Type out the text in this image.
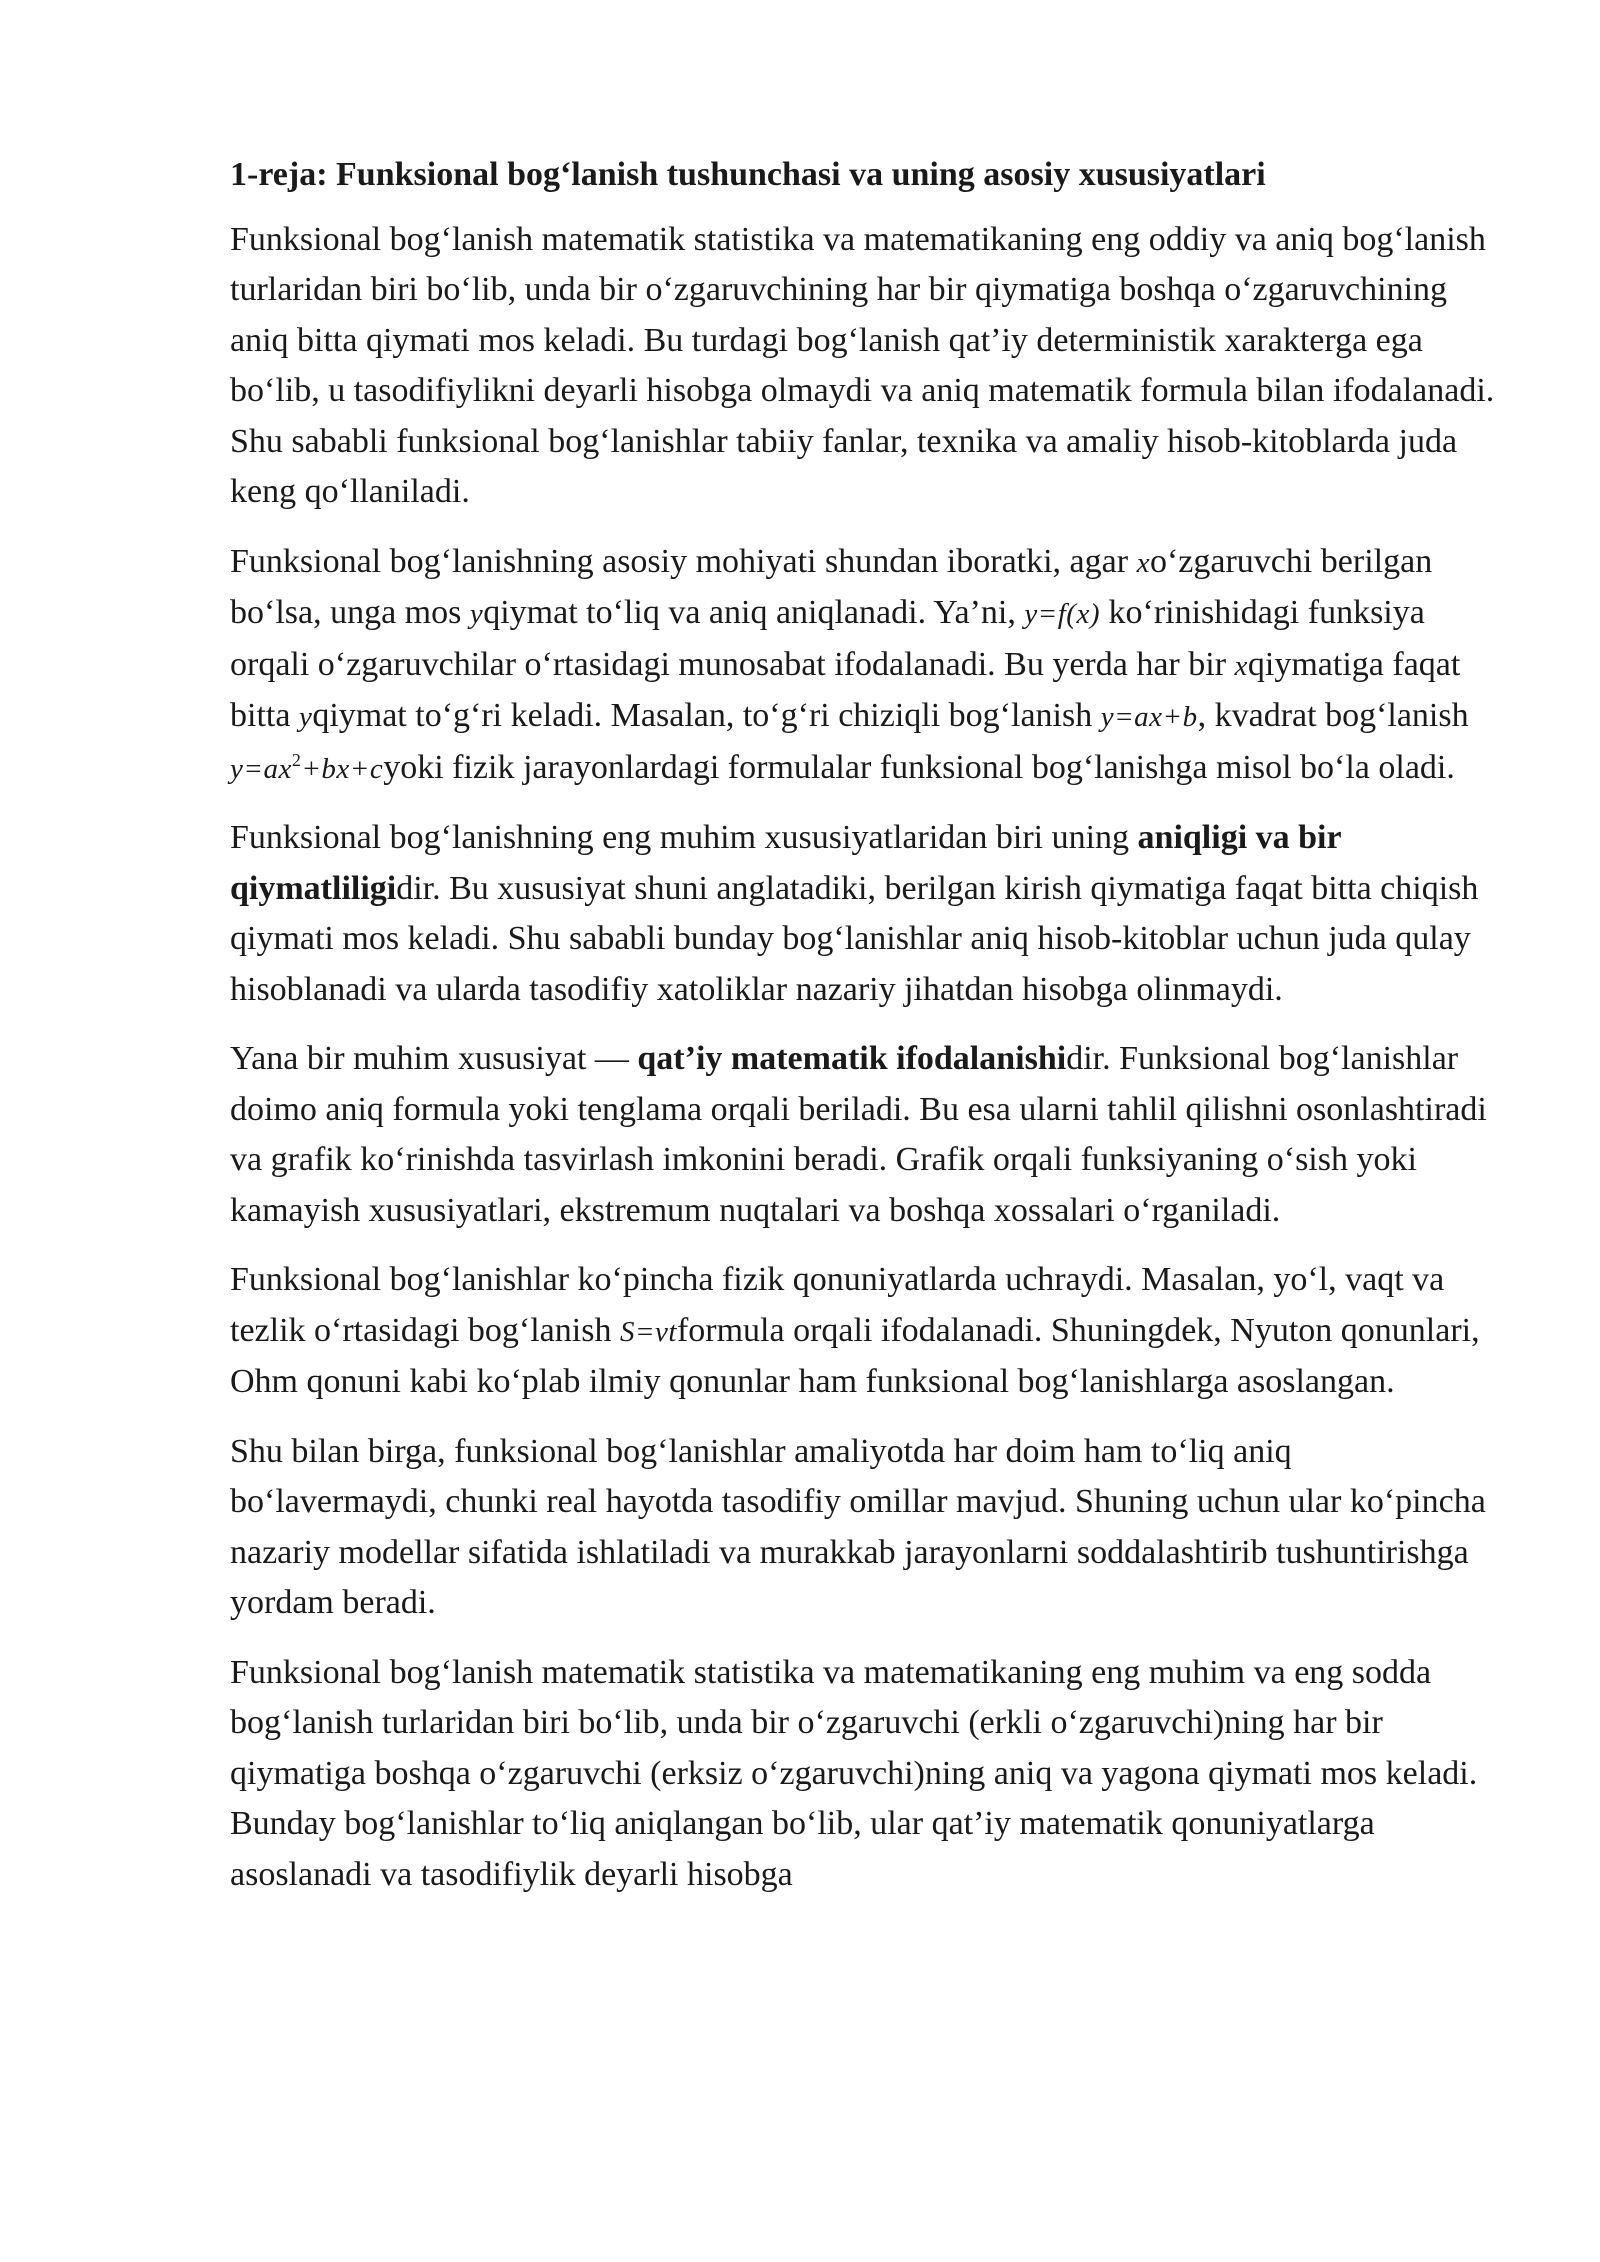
1-reja: Funksional bog‘lanish tushunchasi va uning asosiy xususiyatlari

Funksional bog‘lanish matematik statistika va matematikaning eng oddiy va aniq bog‘lanish turlaridan biri bo‘lib, unda bir o‘zgaruvchining har bir qiymatiga boshqa o‘zgaruvchining aniq bitta qiymati mos keladi. Bu turdagi bog‘lanish qat’iy deterministik xarakterga ega bo‘lib, u tasodifiylikni deyarli hisobga olmaydi va aniq matematik formula bilan ifodalanadi. Shu sababli funksional bog‘lanishlar tabiiy fanlar, texnika va amaliy hisob-kitoblarda juda keng qo‘llaniladi.

Funksional bog‘lanishning asosiy mohiyati shundan iboratki, agar xo‘zgaruvchi berilgan bo‘lsa, unga mos yqiymat to‘liq va aniq aniqlanadi. Ya’ni, y=f(x) ko‘rinishidagi funksiya orqali o‘zgaruvchilar o‘rtasidagi munosabat ifodalanadi. Bu yerda har bir xqiymatiga faqat bitta yqiymat to‘g‘ri keladi. Masalan, to‘g‘ri chiziqli bog‘lanish y=ax+b, kvadrat bog‘lanish $y=ax^2+bx+cyoki$ fizik jarayonlardagi formulalar funksional bog‘lanishga misol bo‘la oladi.

Funksional bog‘lanishning eng muhim xususiyatlaridan biri uning aniqligi va bir qiymatliligidir. Bu xususiyat shuni anglatadiki, berilgan kirish qiymatiga faqat bitta chiqish qiymati mos keladi. Shu sababli bunday bog‘lanishlar aniq hisob-kitoblar uchun juda qulay hisoblanadi va ularda tasodifiy xatoliklar nazariy jihatdan hisobga olinmaydi.

Yana bir muhim xususiyat — qat’iy matematik ifodalanishidir. Funksional bog‘lanishlar doimo aniq formula yoki tenglama orqali beriladi. Bu esa ularni tahlil qilishni osonlashtiradi va grafik ko‘rinishda tasvirlash imkonini beradi. Grafik orqali funksiyaning o‘sish yoki kamayish xususiyatlari, ekstremum nuqtalari va boshqa xossalari o‘rganiladi.

Funksional bog‘lanishlar ko‘pincha fizik qonuniyatlarda uchraydi. Masalan, yo‘l, vaqt va tezlik o‘rtasidagi bog‘lanish S=vtformula orqali ifodalanadi. Shuningdek, Nyuton qonunlari, Ohm qonuni kabi ko‘plab ilmiy qonunlar ham funksional bog‘lanishlarga asoslangan.

Shu bilan birga, funksional bog‘lanishlar amaliyotda har doim ham to‘liq aniq bo‘lavermaydi, chunki real hayotda tasodifiy omillar mavjud. Shuning uchun ular ko‘pincha nazariy modellar sifatida ishlatiladi va murakkab jarayonlarni soddalashtirib tushuntirishga yordam beradi.

Funksional bog‘lanish matematik statistika va matematikaning eng muhim va eng sodda bog‘lanish turlaridan biri bo‘lib, unda bir o‘zgaruvchi (erkli o‘zgaruvchi)ning har bir qiymatiga boshqa o‘zgaruvchi (erksiz o‘zgaruvchi)ning aniq va yagona qiymati mos keladi. Bunday bog‘lanishlar to‘liq aniqlangan bo‘lib, ular qat’iy matematik qonuniyatlarga asoslanadi va tasodifiylik deyarli hisobga
